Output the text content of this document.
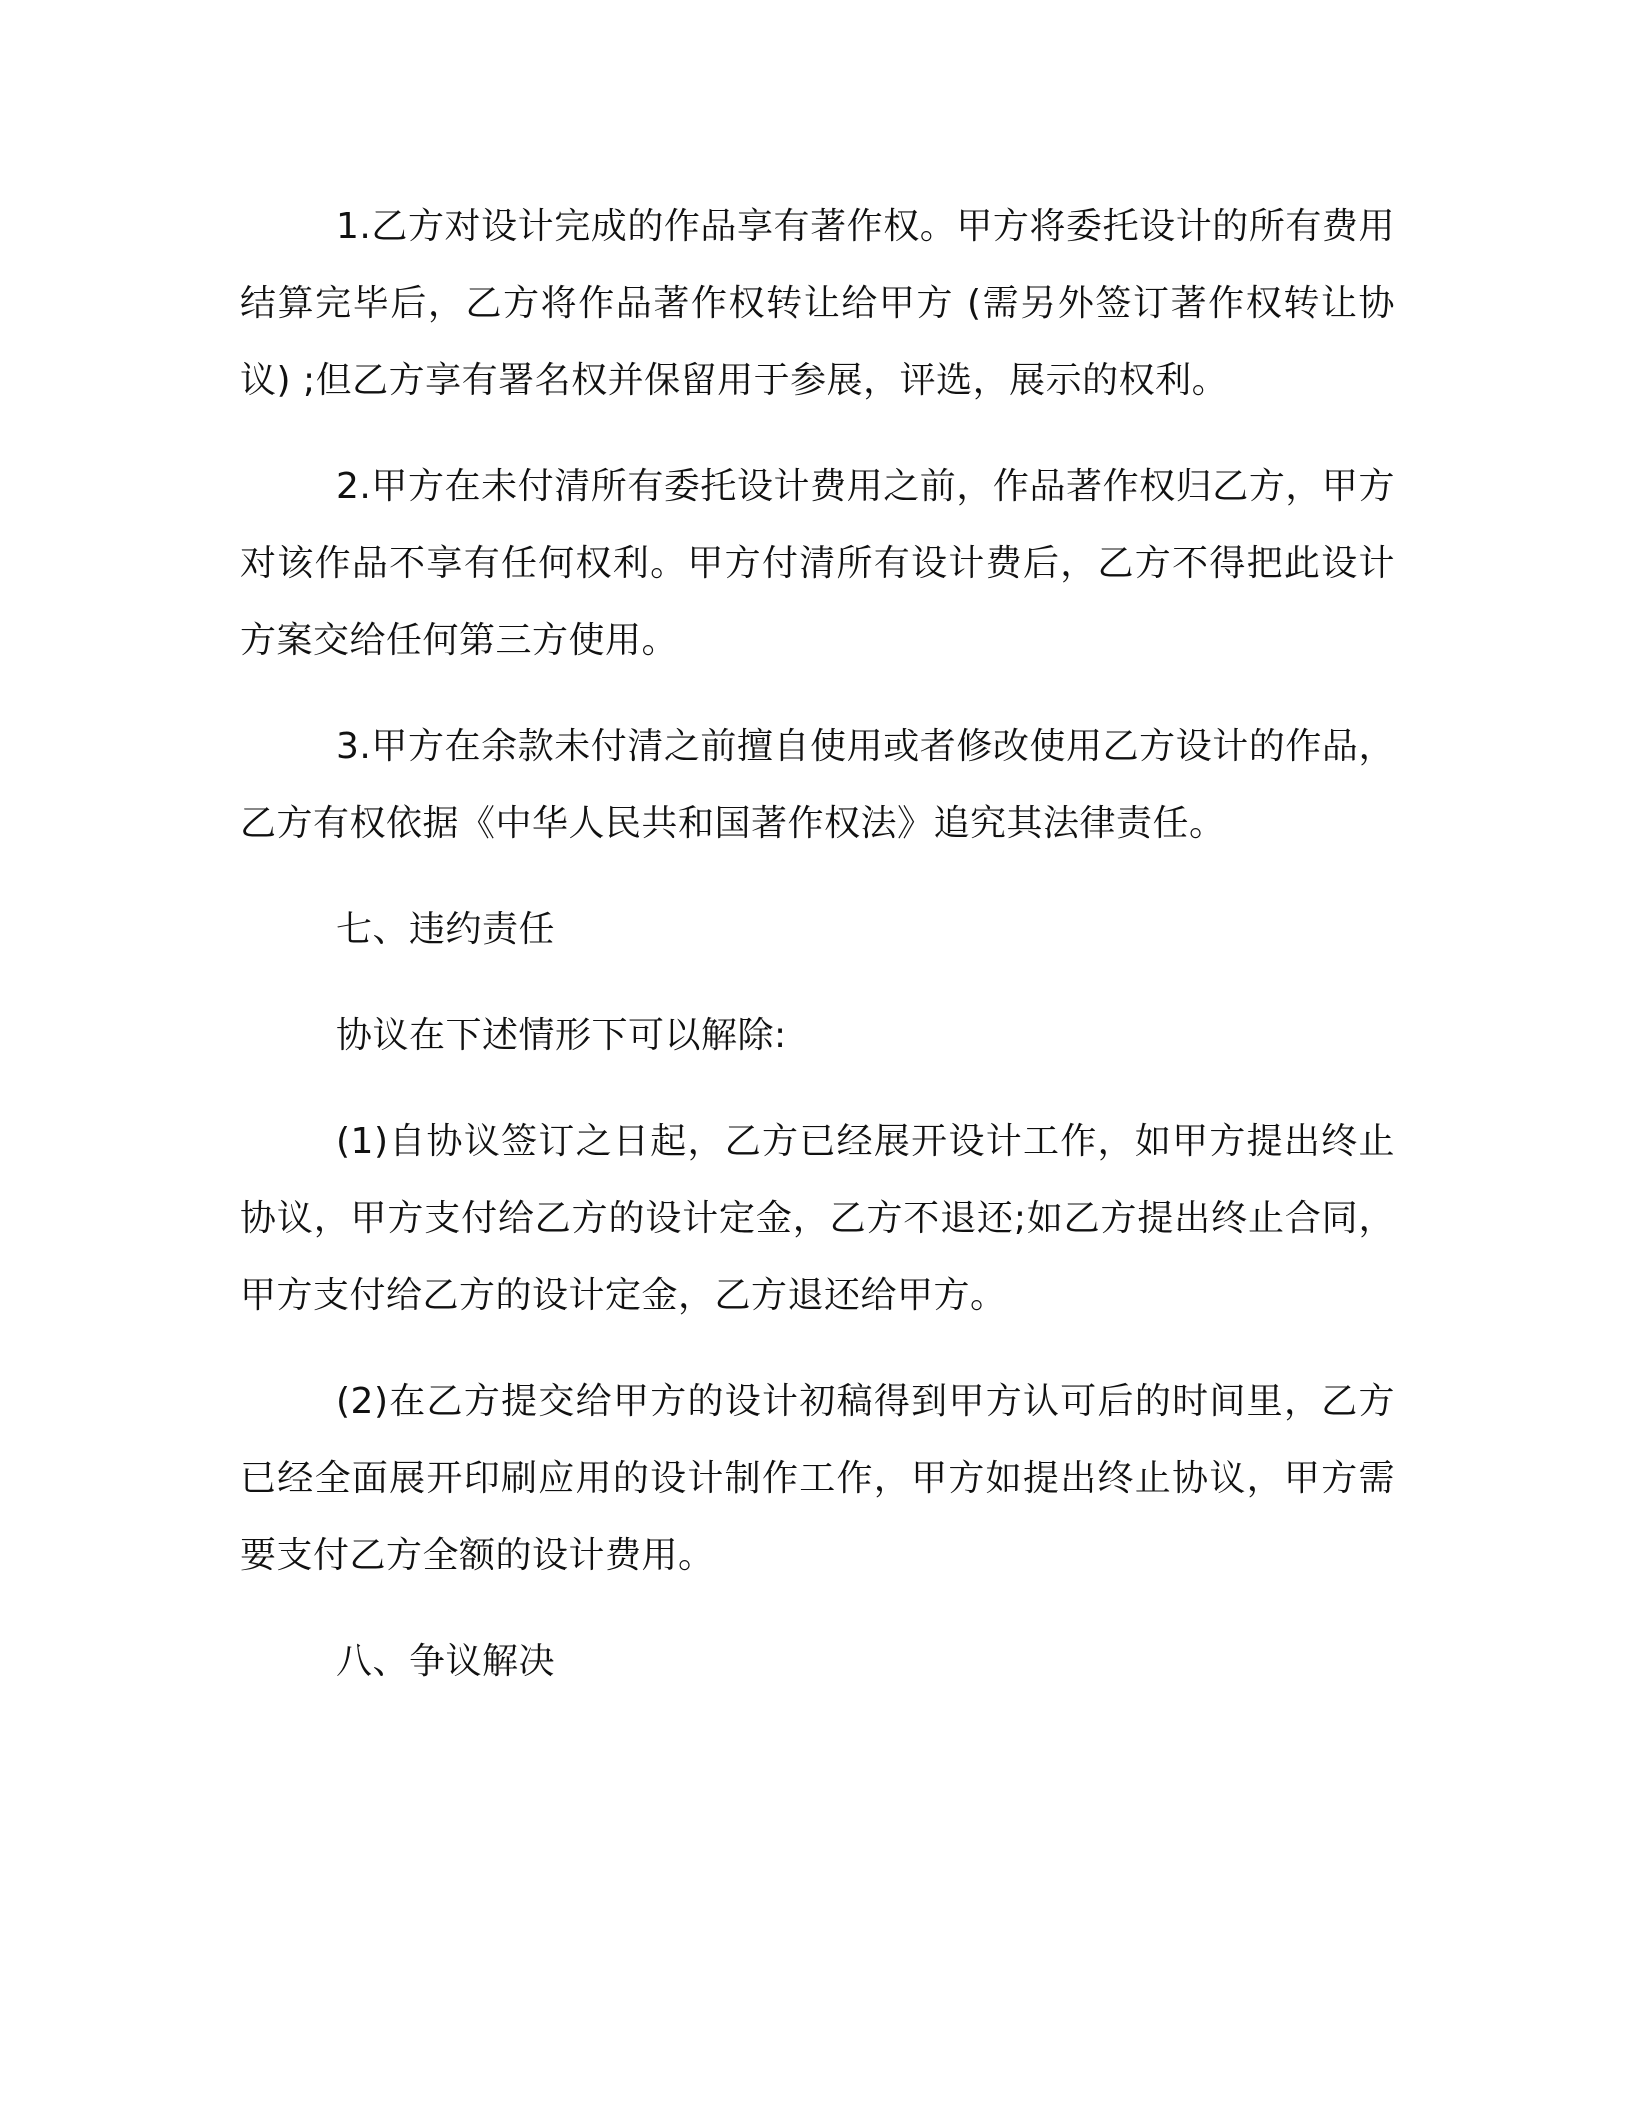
1.乙方对设计完成的作品享有著作权。甲方将委托设计的所有费用结算完毕后，乙方将作品著作权转让给甲方 (需另外签订著作权转让协议) ;但乙方享有署名权并保留用于参展，评选，展示的权利。

2.甲方在未付清所有委托设计费用之前，作品著作权归乙方，甲方对该作品不享有任何权利。甲方付清所有设计费后，乙方不得把此设计方案交给任何第三方使用。

3.甲方在余款未付清之前擅自使用或者修改使用乙方设计的作品，乙方有权依据《中华人民共和国著作权法》追究其法律责任。

七、违约责任

协议在下述情形下可以解除:

(1)自协议签订之日起，乙方已经展开设计工作，如甲方提出终止协议，甲方支付给乙方的设计定金，乙方不退还;如乙方提出终止合同，甲方支付给乙方的设计定金，乙方退还给甲方。

(2)在乙方提交给甲方的设计初稿得到甲方认可后的时间里，乙方已经全面展开印刷应用的设计制作工作，甲方如提出终止协议，甲方需要支付乙方全额的设计费用。

八、争议解决
